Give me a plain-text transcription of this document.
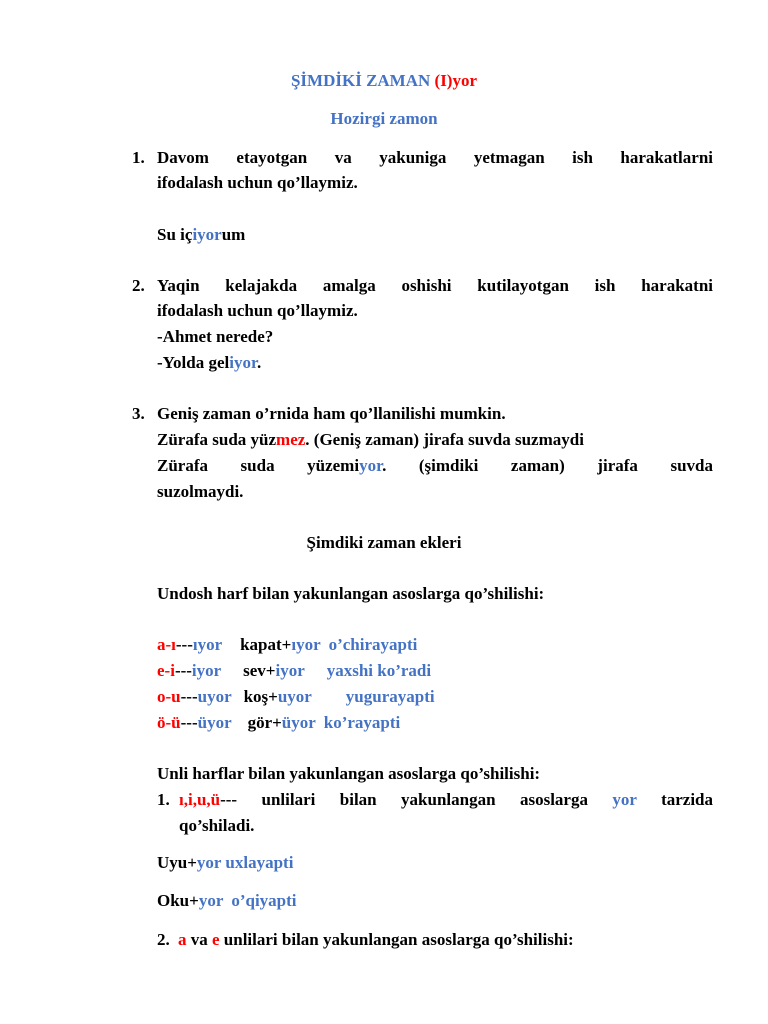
ŞİMDİKİ ZAMAN (I)yor
Hozirgi zamon
1. Davom etayotgan va yakuniga yetmagan ish harakatlarni
ifodalash uchun qo’llaymiz.
Su içiyorum
2. Yaqin kelajakda amalga oshishi kutilayotgan ish harakatni
ifodalash uchun qo’llaymiz.
-Ahmet nerede?
-Yolda geliyor.
3. Geniş zaman o’rnida ham qo’llanilishi mumkin.
Zürafa suda yüzmez. (Geniş zaman) jirafa suvda suzmaydi
Zürafa suda yüzemiyor. (şimdiki zaman) jirafa suvda
suzolmaydi.
Şimdiki zaman ekleri
Undosh harf bilan yakunlangan asoslarga qo’shilishi:
a-ı---ıyor kapat+ıyor o’chirayapti
e-i---iyor sev+iyor yaxshi ko’radi
o-u---uyor koş+uyor yugurayapti
ö-ü---üyor gör+üyor ko’rayapti
Unli harflar bilan yakunlangan asoslarga qo’shilishi:
1. ı,i,u,ü--- unlilari bilan yakunlangan asoslarga yor tarzida
qo’shiladi.
Uyu+yor uxlayapti
Oku+yor o’qiyapti
2. a va e unlilari bilan yakunlangan asoslarga qo’shilishi:
